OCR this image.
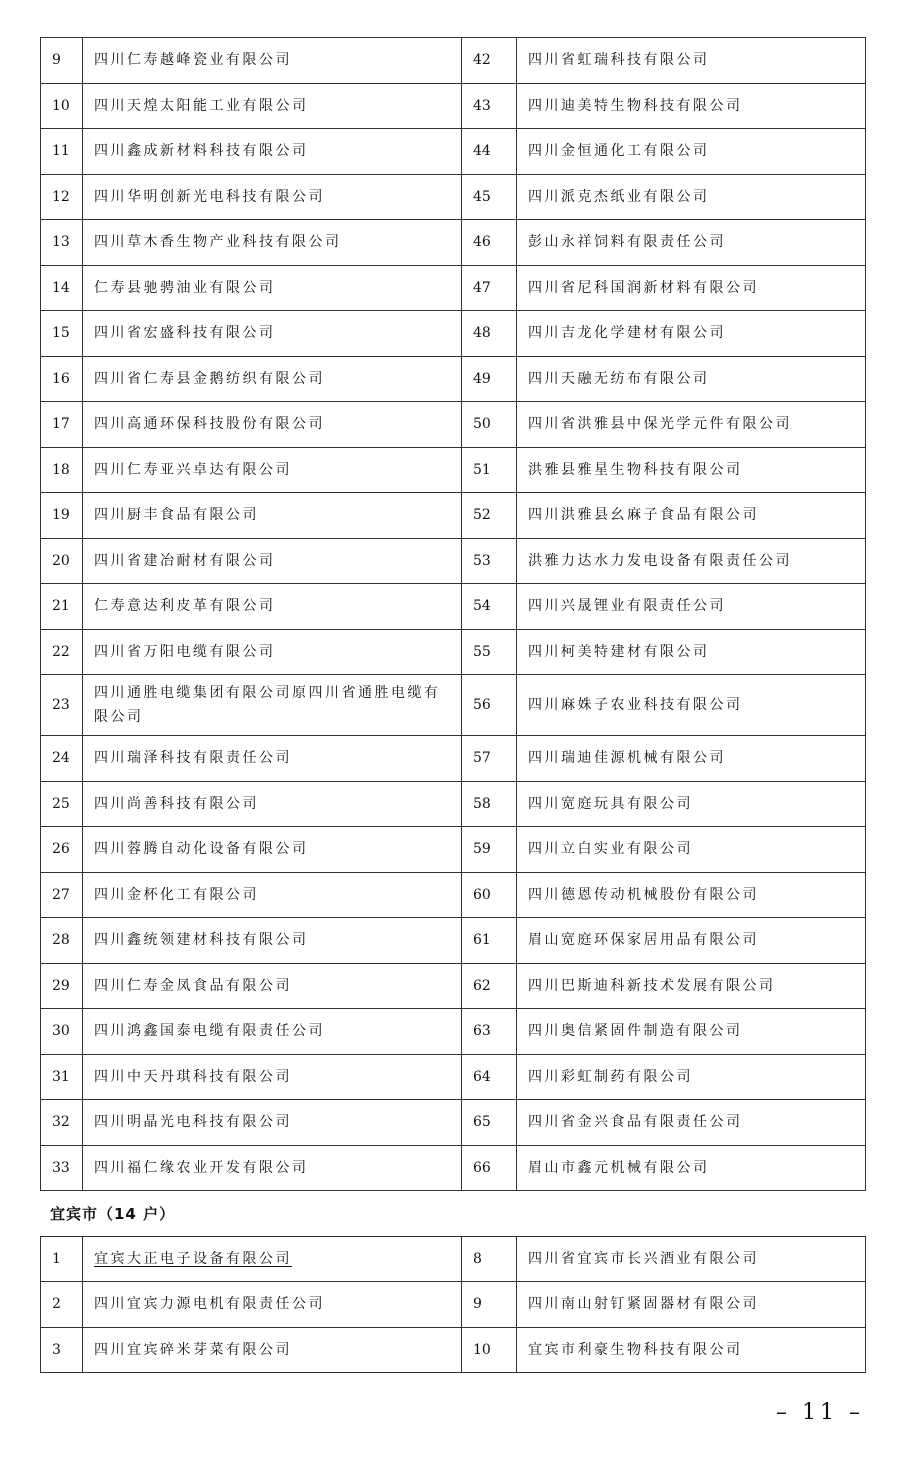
9	四川仁寿越峰瓷业有限公司	42	四川省虹瑞科技有限公司
10	四川天煌太阳能工业有限公司	43	四川迪美特生物科技有限公司
11	四川鑫成新材料科技有限公司	44	四川金恒通化工有限公司
12	四川华明创新光电科技有限公司	45	四川派克杰纸业有限公司
13	四川草木香生物产业科技有限公司	46	彭山永祥饲料有限责任公司
14	仁寿县驰骋油业有限公司	47	四川省尼科国润新材料有限公司
15	四川省宏盛科技有限公司	48	四川吉龙化学建材有限公司
16	四川省仁寿县金鹅纺织有限公司	49	四川天融无纺布有限公司
17	四川高通环保科技股份有限公司	50	四川省洪雅县中保光学元件有限公司
18	四川仁寿亚兴卓达有限公司	51	洪雅县雅星生物科技有限公司
19	四川厨丰食品有限公司	52	四川洪雅县幺麻子食品有限公司
20	四川省建冶耐材有限公司	53	洪雅力达水力发电设备有限责任公司
21	仁寿意达利皮革有限公司	54	四川兴晟锂业有限责任公司
22	四川省万阳电缆有限公司	55	四川柯美特建材有限公司
23	四川通胜电缆集团有限公司原四川省通胜电缆有限公司	56	四川麻姝子农业科技有限公司
24	四川瑞泽科技有限责任公司	57	四川瑞迪佳源机械有限公司
25	四川尚善科技有限公司	58	四川宽庭玩具有限公司
26	四川蓉腾自动化设备有限公司	59	四川立白实业有限公司
27	四川金杯化工有限公司	60	四川德恩传动机械股份有限公司
28	四川鑫统领建材科技有限公司	61	眉山宽庭环保家居用品有限公司
29	四川仁寿金凤食品有限公司	62	四川巴斯迪科新技术发展有限公司
30	四川鸿鑫国泰电缆有限责任公司	63	四川奥信紧固件制造有限公司
31	四川中天丹琪科技有限公司	64	四川彩虹制药有限公司
32	四川明晶光电科技有限公司	65	四川省金兴食品有限责任公司
33	四川福仁缘农业开发有限公司	66	眉山市鑫元机械有限公司
宜宾市（14 户）
1	宜宾大正电子设备有限公司	8	四川省宜宾市长兴酒业有限公司
2	四川宜宾力源电机有限责任公司	9	四川南山射钉紧固器材有限公司
3	四川宜宾碎米芽菜有限公司	10	宜宾市利豪生物科技有限公司
– 11 –
